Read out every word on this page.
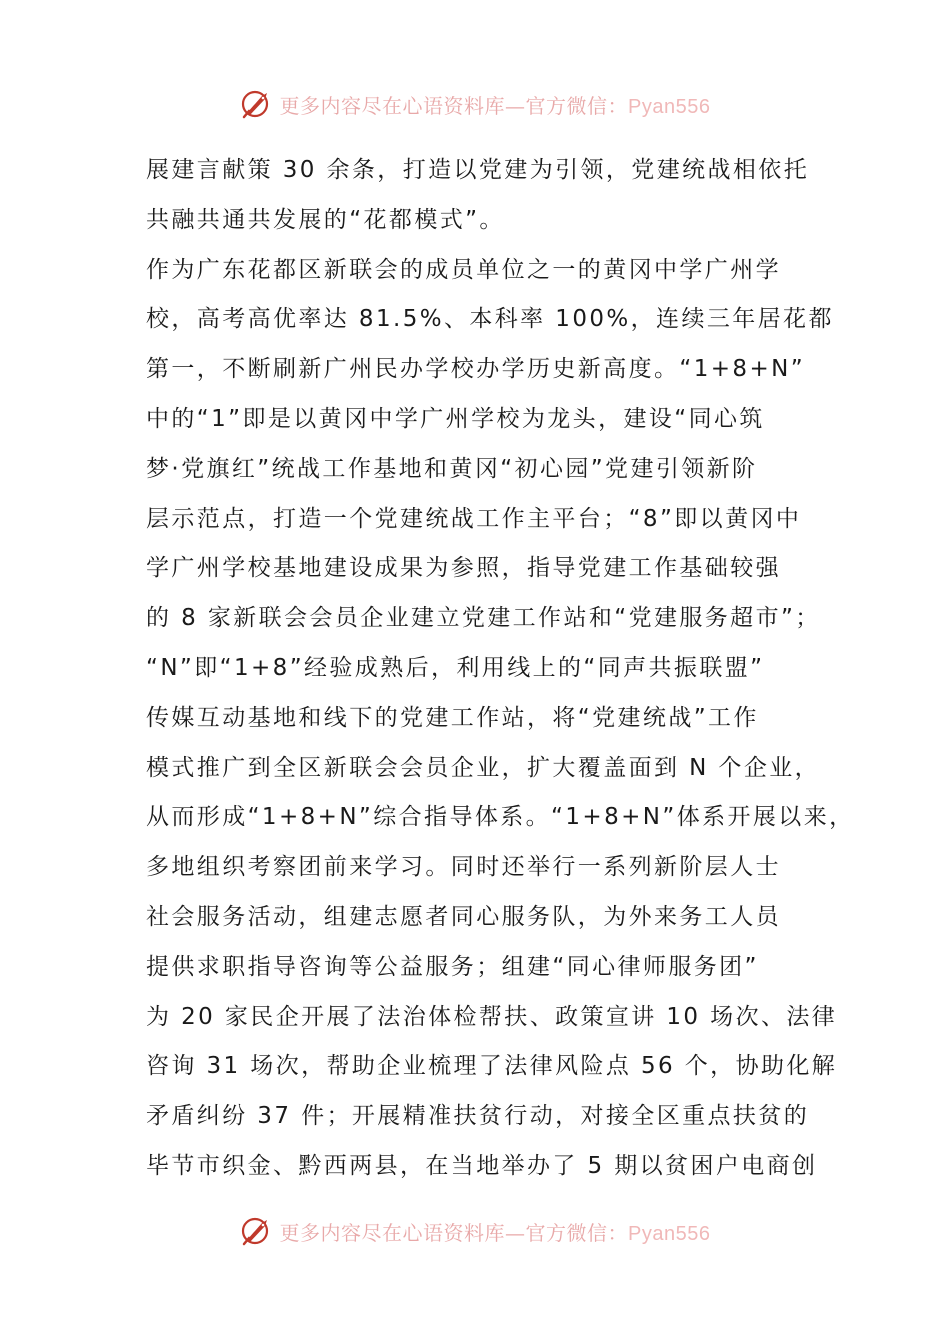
更多内容尽在心语资料库—官方微信：Pyan556
展建言献策 30 余条，打造以党建为引领，党建统战相依托
共融共通共发展的“花都模式”。
作为广东花都区新联会的成员单位之一的黄冈中学广州学
校，高考高优率达 81.5%、本科率 100%，连续三年居花都
第一，不断刷新广州民办学校办学历史新高度。“1+8+N”
中的“1”即是以黄冈中学广州学校为龙头，建设“同心筑
梦·党旗红”统战工作基地和黄冈“初心园”党建引领新阶
层示范点，打造一个党建统战工作主平台；“8”即以黄冈中
学广州学校基地建设成果为参照，指导党建工作基础较强
的 8 家新联会会员企业建立党建工作站和“党建服务超市”；
“N”即“1+8”经验成熟后，利用线上的“同声共振联盟”
传媒互动基地和线下的党建工作站，将“党建统战”工作
模式推广到全区新联会会员企业，扩大覆盖面到 N 个企业，
从而形成“1+8+N”综合指导体系。“1+8+N”体系开展以来，
多地组织考察团前来学习。同时还举行一系列新阶层人士
社会服务活动，组建志愿者同心服务队，为外来务工人员
提供求职指导咨询等公益服务；组建“同心律师服务团”
为 20 家民企开展了法治体检帮扶、政策宣讲 10 场次、法律
咨询 31 场次，帮助企业梳理了法律风险点 56 个，协助化解
矛盾纠纷 37 件；开展精准扶贫行动，对接全区重点扶贫的
毕节市织金、黔西两县，在当地举办了 5 期以贫困户电商创
更多内容尽在心语资料库—官方微信：Pyan556
